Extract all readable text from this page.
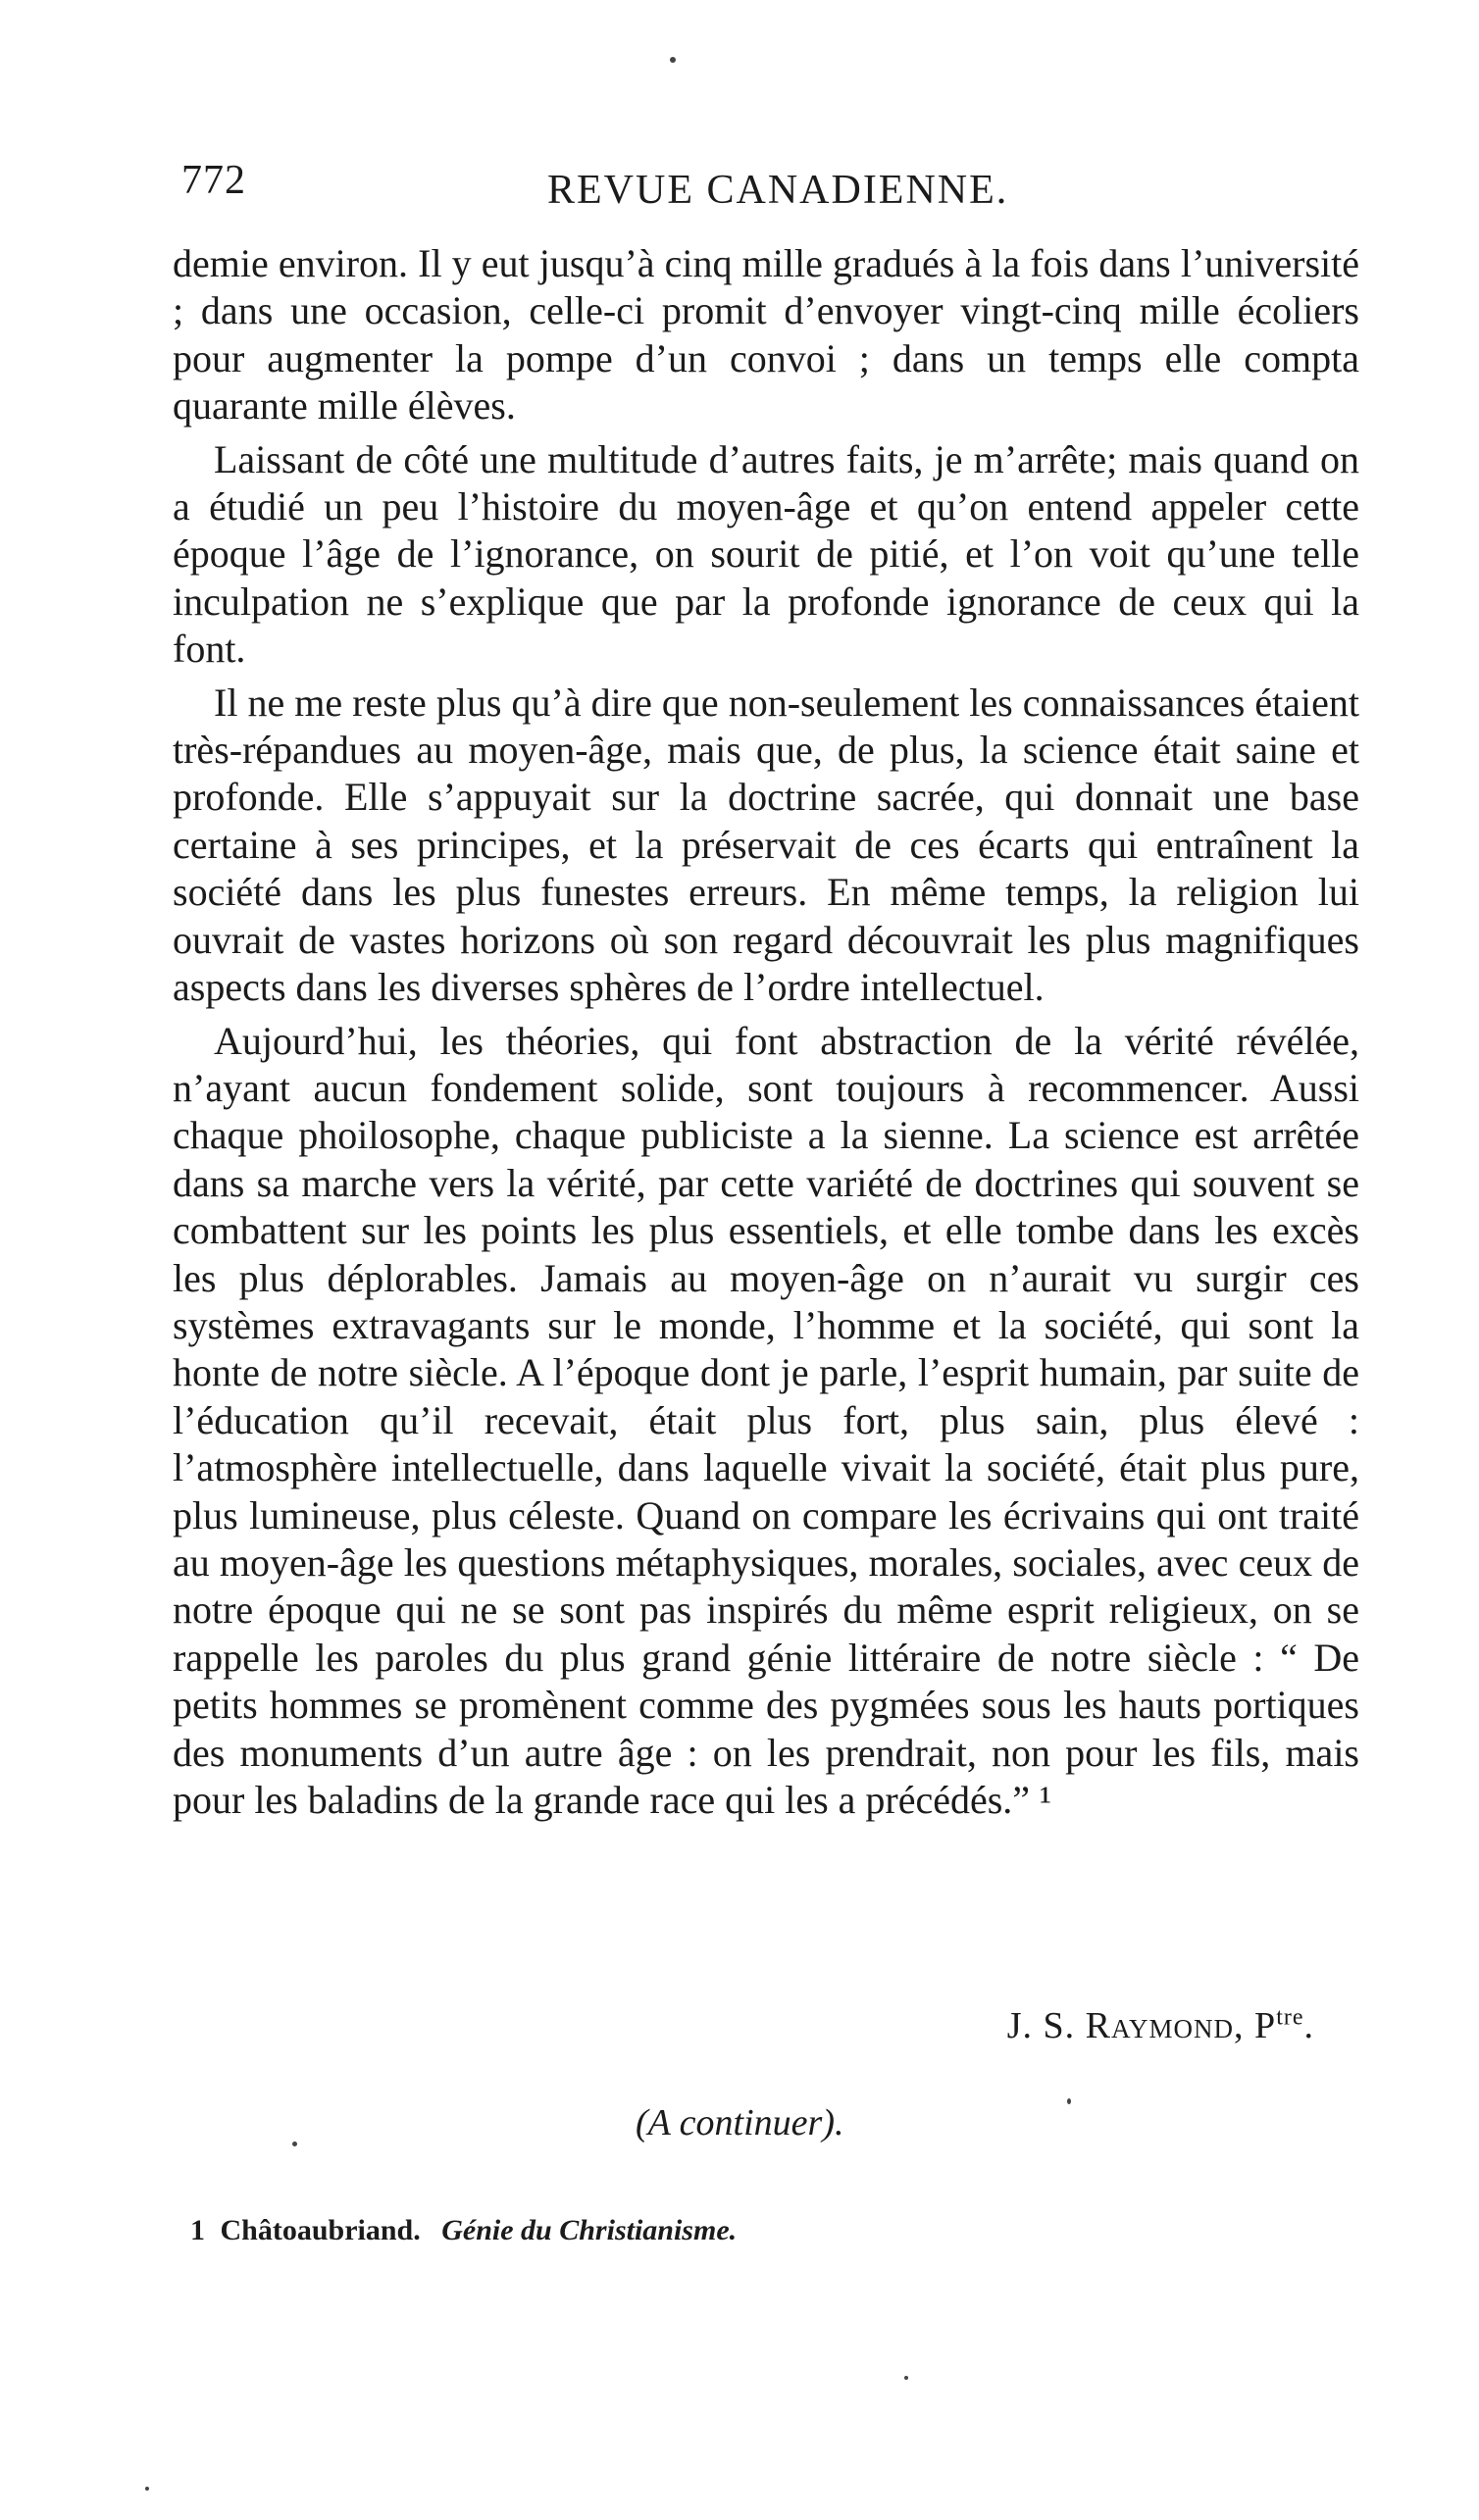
772	REVUE CANADIENNE.

demie environ. Il y eut jusqu’à cinq mille gradués à la fois dans l’université ; dans une occasion, celle-ci promit d’envoyer vingt-cinq mille écoliers pour augmenter la pompe d’un convoi ; dans un temps elle compta quarante mille élèves.

Laissant de côté une multitude d’autres faits, je m’arrête; mais quand on a étudié un peu l’histoire du moyen-âge et qu’on entend appeler cette époque l’âge de l’ignorance, on sourit de pitié, et l’on voit qu’une telle inculpation ne s’explique que par la profonde ignorance de ceux qui la font.

Il ne me reste plus qu’à dire que non-seulement les connaissances étaient très-répandues au moyen-âge, mais que, de plus, la science était saine et profonde. Elle s’appuyait sur la doctrine sacrée, qui donnait une base certaine à ses principes, et la préservait de ces écarts qui entraînent la société dans les plus funestes erreurs. En même temps, la religion lui ouvrait de vastes horizons où son regard découvrait les plus magnifiques aspects dans les diverses sphères de l’ordre intellectuel.

Aujourd’hui, les théories, qui font abstraction de la vérité révélée, n’ayant aucun fondement solide, sont toujours à recommencer. Aussi chaque phoilosophe, chaque publiciste a la sienne. La science est arrêtée dans sa marche vers la vérité, par cette variété de doctrines qui souvent se combattent sur les points les plus essentiels, et elle tombe dans les excès les plus déplorables. Jamais au moyen-âge on n’aurait vu surgir ces systèmes extravagants sur le monde, l’homme et la société, qui sont la honte de notre siècle. A l’époque dont je parle, l’esprit humain, par suite de l’éducation qu’il recevait, était plus fort, plus sain, plus élevé : l’atmosphère intellectuelle, dans laquelle vivait la société, était plus pure, plus lumineuse, plus céleste. Quand on compare les écrivains qui ont traité au moyen-âge les questions métaphysiques, morales, sociales, avec ceux de notre époque qui ne se sont pas inspirés du même esprit religieux, on se rappelle les paroles du plus grand génie littéraire de notre siècle : “ De petits hommes se promènent comme des pygmées sous les hauts portiques des monuments d’un autre âge : on les prendrait, non pour les fils, mais pour les baladins de la grande race qui les a précédés.” ¹

J. S. Raymond, $P^{tre}$.
(A continuer).
1 Châtoaubriand. Génie du Christianisme.
